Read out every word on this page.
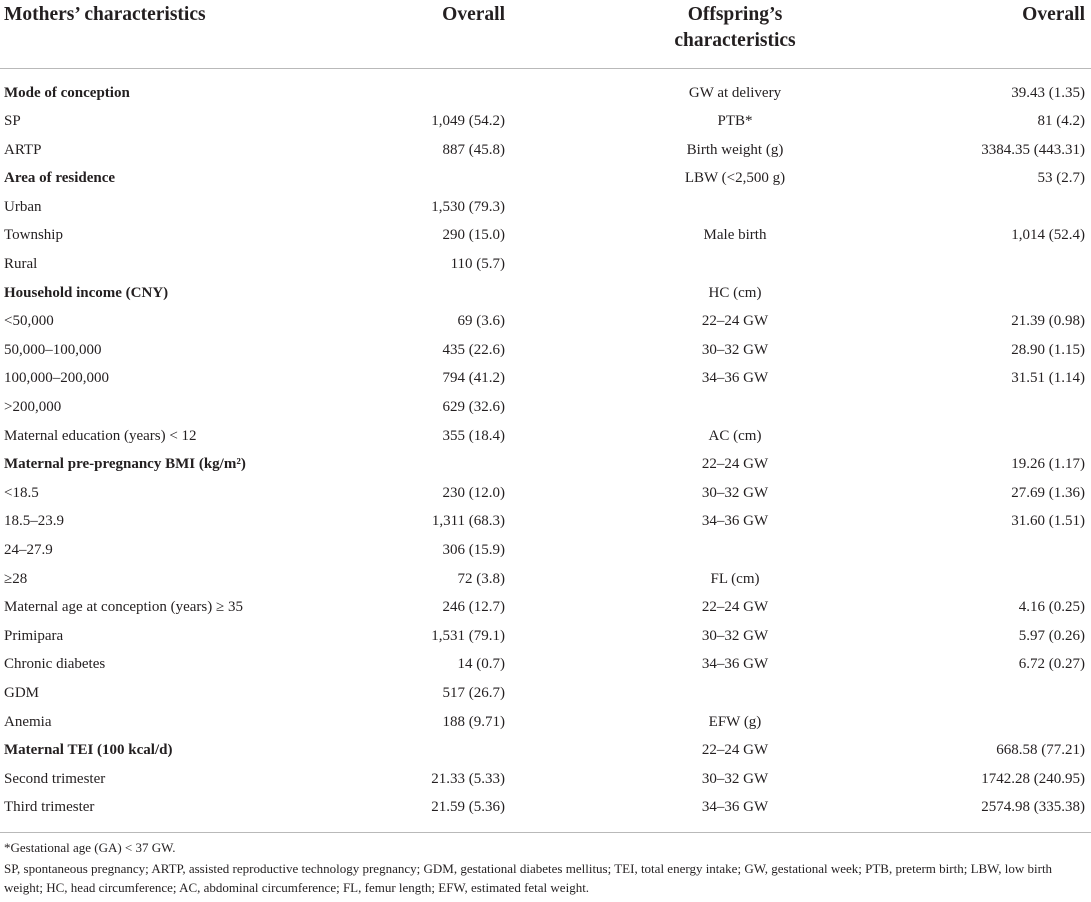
Mothers’ characteristics	Overall	Offspring’s
characteristics	Overall
Mode of conception		GW at delivery	39.43 (1.35)
SP	1,049 (54.2)	PTB*	81 (4.2)
ARTP	887 (45.8)	Birth weight (g)	3384.35 (443.31)
Area of residence		LBW (<2,500 g)	53 (2.7)
Urban	1,530 (79.3)		
Township	290 (15.0)	Male birth	1,014 (52.4)
Rural	110 (5.7)		
Household income (CNY)		HC (cm)	
<50,000	69 (3.6)	22–24 GW	21.39 (0.98)
50,000–100,000	435 (22.6)	30–32 GW	28.90 (1.15)
100,000–200,000	794 (41.2)	34–36 GW	31.51 (1.14)
>200,000	629 (32.6)		
Maternal education (years) < 12	355 (18.4)	AC (cm)	
Maternal pre-pregnancy BMI (kg/m²)		22–24 GW	19.26 (1.17)
<18.5	230 (12.0)	30–32 GW	27.69 (1.36)
18.5–23.9	1,311 (68.3)	34–36 GW	31.60 (1.51)
24–27.9	306 (15.9)		
≥28	72 (3.8)	FL (cm)	
Maternal age at conception (years) ≥ 35	246 (12.7)	22–24 GW	4.16 (0.25)
Primipara	1,531 (79.1)	30–32 GW	5.97 (0.26)
Chronic diabetes	14 (0.7)	34–36 GW	6.72 (0.27)
GDM	517 (26.7)		
Anemia	188 (9.71)	EFW (g)	
Maternal TEI (100 kcal/d)		22–24 GW	668.58 (77.21)
Second trimester	21.33 (5.33)	30–32 GW	1742.28 (240.95)
Third trimester	21.59 (5.36)	34–36 GW	2574.98 (335.38)
*Gestational age (GA) < 37 GW.
SP, spontaneous pregnancy; ARTP, assisted reproductive technology pregnancy; GDM, gestational diabetes mellitus; TEI, total energy intake; GW, gestational week; PTB, preterm birth; LBW, low birth weight; HC, head circumference; AC, abdominal circumference; FL, femur length; EFW, estimated fetal weight.
